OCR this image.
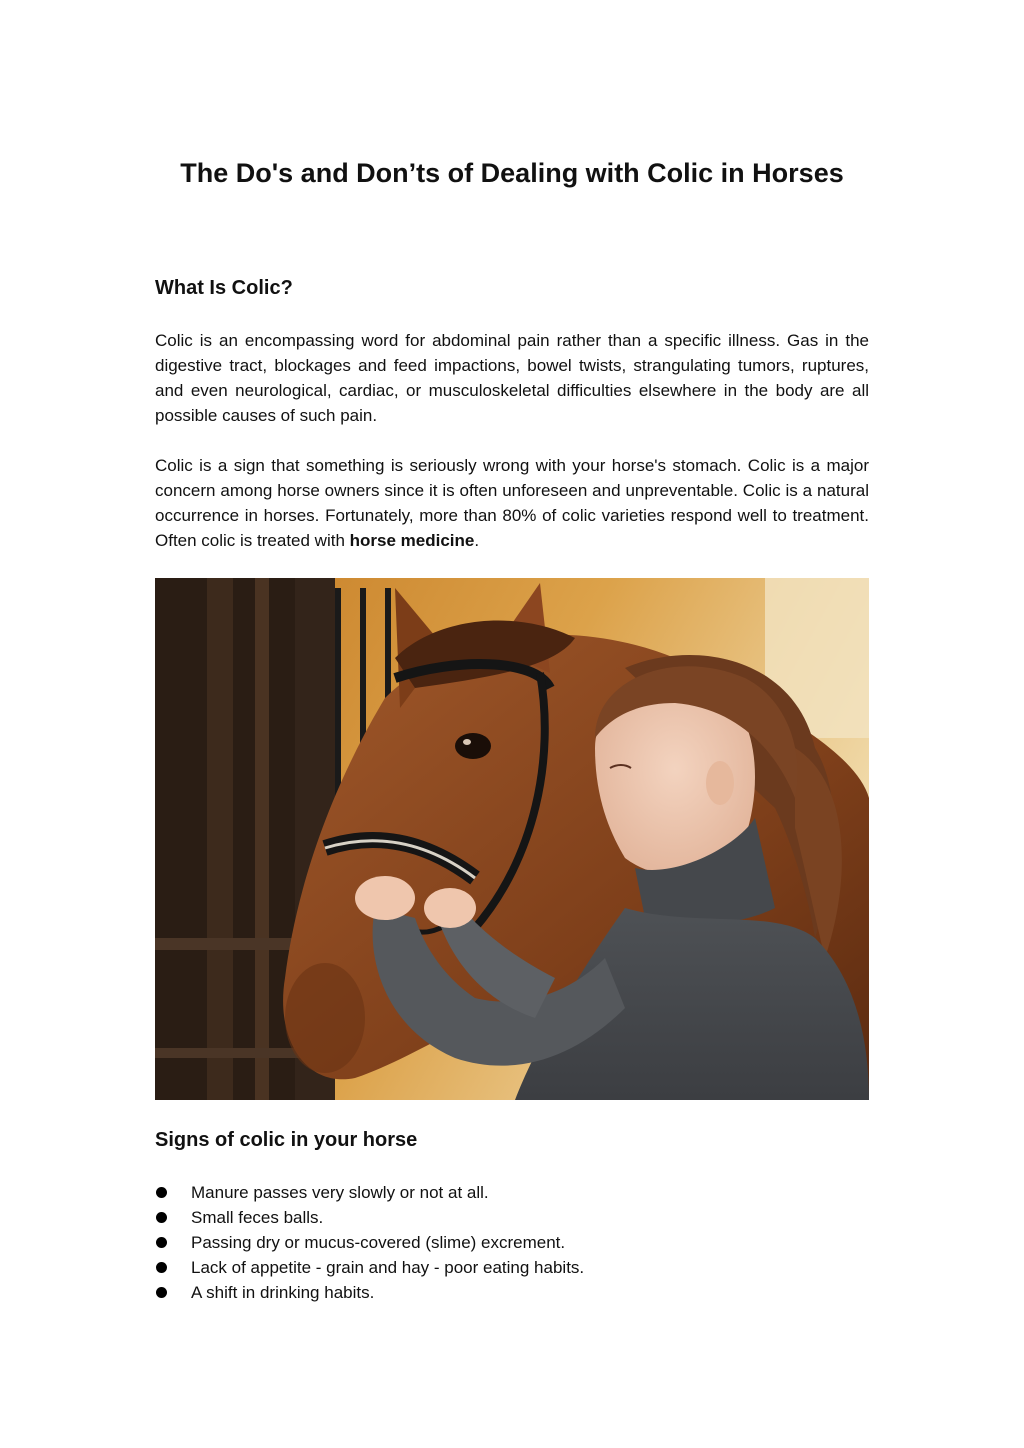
The Do's and Don’ts of Dealing with Colic in Horses
What Is Colic?

Colic is an encompassing word for abdominal pain rather than a specific illness. Gas in the digestive tract, blockages and feed impactions, bowel twists, strangulating tumors, ruptures, and even neurological, cardiac, or musculoskeletal difficulties elsewhere in the body are all possible causes of such pain.

Colic is a sign that something is seriously wrong with your horse's stomach. Colic is a major concern among horse owners since it is often unforeseen and unpreventable. Colic is a natural occurrence in horses. Fortunately, more than 80% of colic varieties respond well to treatment. Often colic is treated with horse medicine.

Signs of colic in your horse
Manure passes very slowly or not at all.
Small feces balls.
Passing dry or mucus-covered (slime) excrement.
Lack of appetite - grain and hay - poor eating habits.
A shift in drinking habits.
